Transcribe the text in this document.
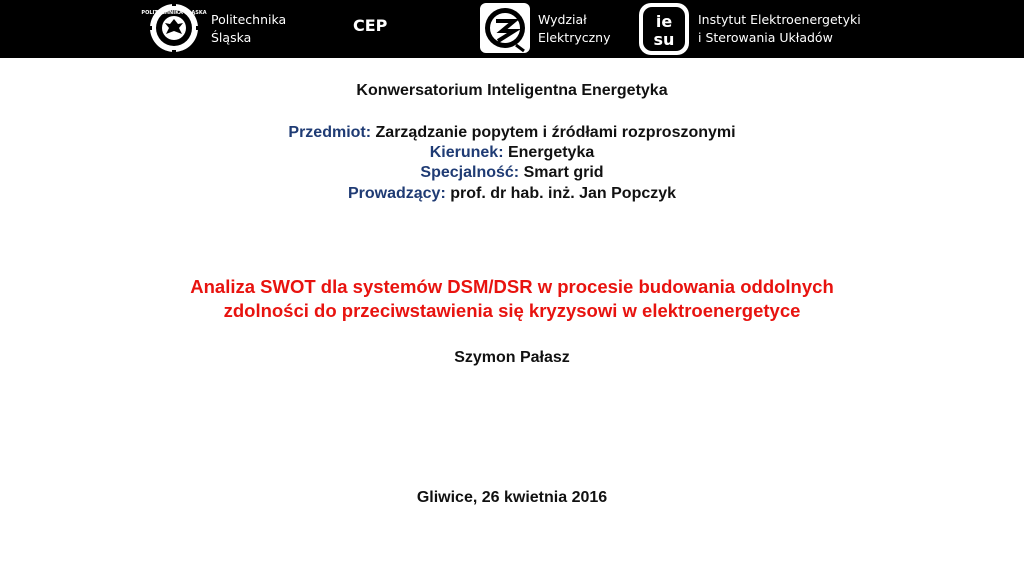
POLITECHNIKA ŚLĄSKA Politechnika
Śląska
CEP	Wydział
Elektryczny
ie
su
Instytut Elektroenergetyki
i Sterowania Układów
Konwersatorium Inteligentna Energetyka
Przedmiot: Zarządzanie popytem i źródłami rozproszonymi
Kierunek: Energetyka
Specjalność: Smart grid
Prowadzący: prof. dr hab. inż. Jan Popczyk
Analiza SWOT dla systemów DSM/DSR w procesie budowania oddolnych
zdolności do przeciwstawienia się kryzysowi w elektroenergetyce
Szymon Pałasz
Gliwice, 26 kwietnia 2016
